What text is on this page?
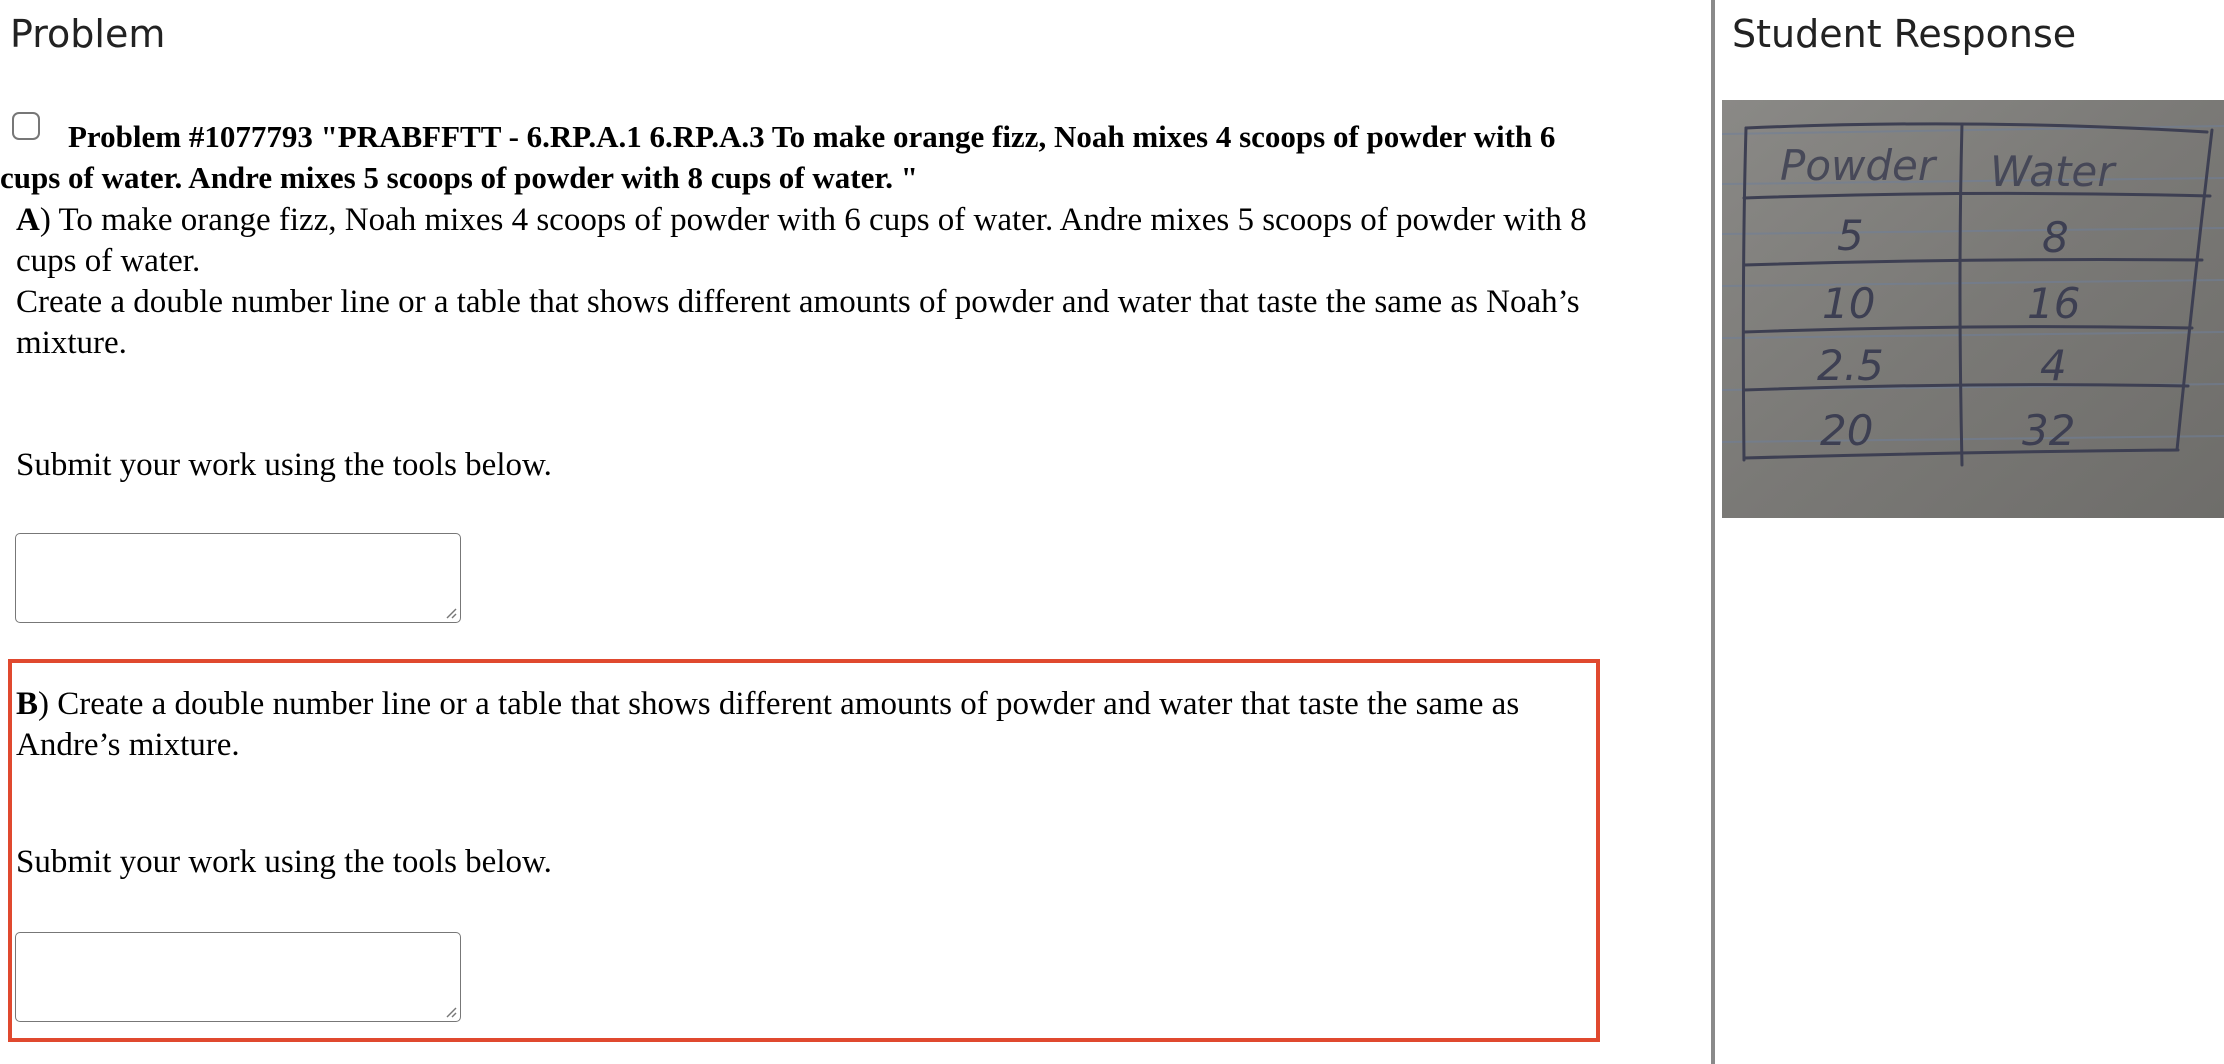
Problem

Problem #1077793 "PRABFFTT - 6.RP.A.1 6.RP.A.3 To make orange fizz, Noah mixes 4 scoops of powder with 6 cups of water. Andre mixes 5 scoops of powder with 8 cups of water. "

A) To make orange fizz, Noah mixes 4 scoops of powder with 6 cups of water. Andre mixes 5 scoops of powder with 8 cups of water.
Create a double number line or a table that shows different amounts of powder and water that taste the same as Noah’s mixture.
Submit your work using the tools below.
B) Create a double number line or a table that shows different amounts of powder and water that taste the same as Andre’s mixture.
Submit your work using the tools below.
Student Response
Powder Water
5	8
10	16
2.5	4
20	32
